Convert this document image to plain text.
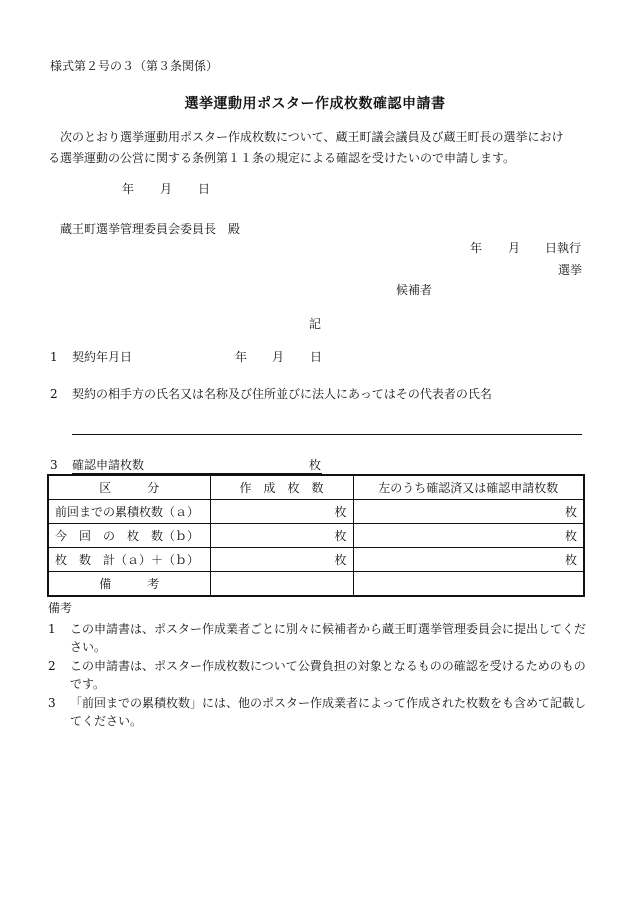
様式第２号の３（第３条関係）
選挙運動用ポスター作成枚数確認申請書

次のとおり選挙運動用ポスター作成枚数について、蔵王町議会議員及び蔵王町長の選挙におけ

る選挙運動の公営に関する条例第１１条の規定による確認を受けたいので申請します。

年 月 日
蔵王町選挙管理委員会委員長　殿
年 月 日執行
選挙
候補者
記
1 契約年月日	年 月 日
2 契約の相手方の氏名又は名称及び住所並びに法人にあってはその代表者の氏名
3 確認申請枚数	枚
区　　　分	作　成　枚　数	左のうち確認済又は確認申請枚数
前回までの累積枚数（ａ）	枚	枚
今　回　の　枚　数（ｂ）	枚	枚
枚　数　計（ａ）＋（ｂ）	枚	枚
備　　　考		

備考

1	この申請書は、ポスター作成業者ごとに別々に候補者から蔵王町選挙管理委員会に提出してください。
2	この申請書は、ポスター作成枚数について公費負担の対象となるものの確認を受けるためのものです。
3	「前回までの累積枚数」には、他のポスター作成業者によって作成された枚数をも含めて記載してください。
